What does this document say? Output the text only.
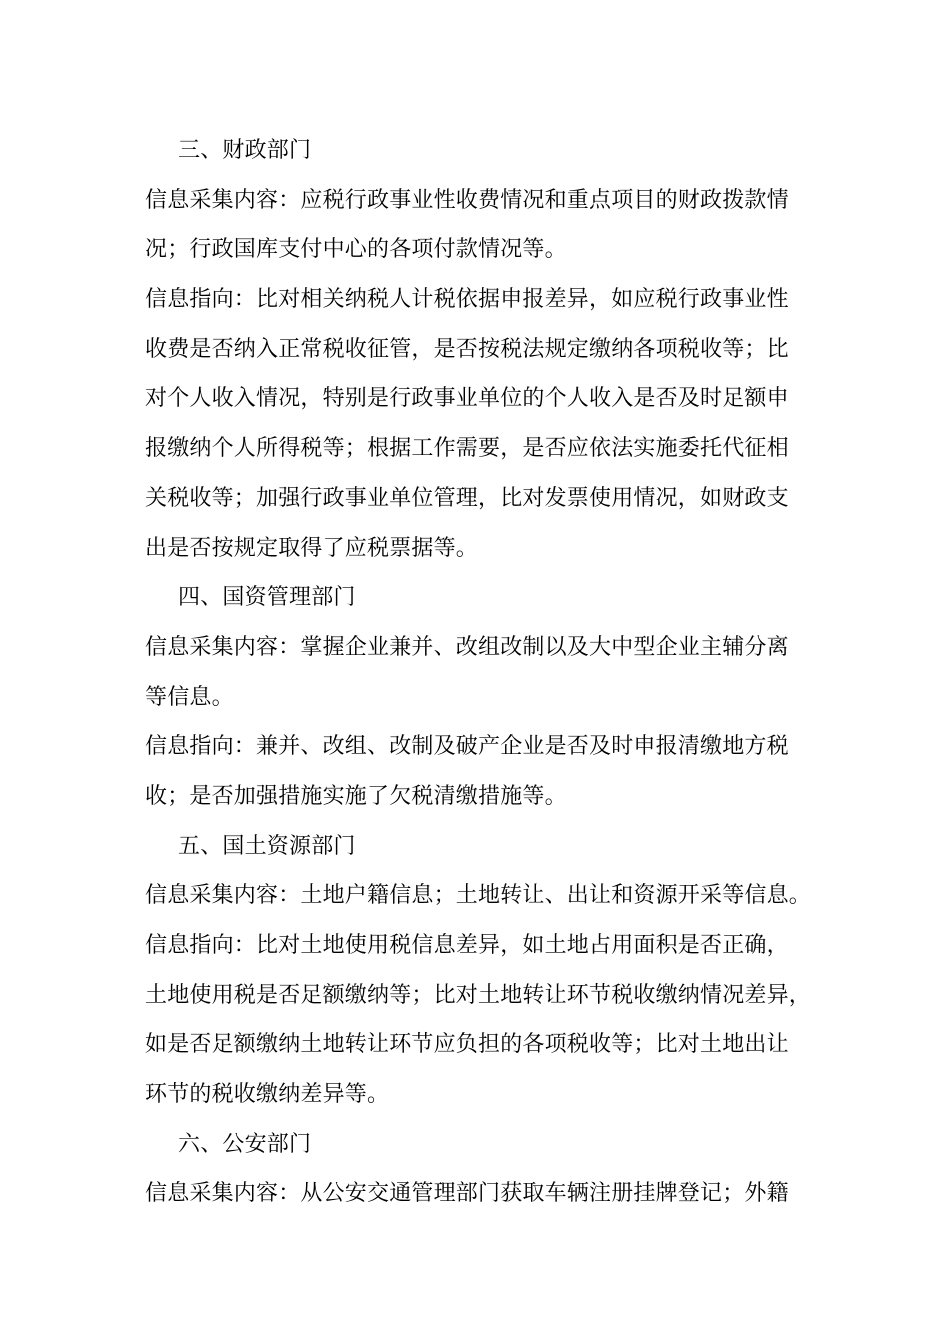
三、财政部门
信息采集内容：应税行政事业性收费情况和重点项目的财政拨款情
况；行政国库支付中心的各项付款情况等。
信息指向：比对相关纳税人计税依据申报差异，如应税行政事业性
收费是否纳入正常税收征管，是否按税法规定缴纳各项税收等；比
对个人收入情况，特别是行政事业单位的个人收入是否及时足额申
报缴纳个人所得税等；根据工作需要，是否应依法实施委托代征相
关税收等；加强行政事业单位管理，比对发票使用情况，如财政支
出是否按规定取得了应税票据等。
四、国资管理部门
信息采集内容：掌握企业兼并、改组改制以及大中型企业主辅分离
等信息。
信息指向：兼并、改组、改制及破产企业是否及时申报清缴地方税
收；是否加强措施实施了欠税清缴措施等。
五、国土资源部门
信息采集内容：土地户籍信息；土地转让、出让和资源开采等信息。
信息指向：比对土地使用税信息差异，如土地占用面积是否正确，
土地使用税是否足额缴纳等；比对土地转让环节税收缴纳情况差异，
如是否足额缴纳土地转让环节应负担的各项税收等；比对土地出让
环节的税收缴纳差异等。
六、公安部门
信息采集内容：从公安交通管理部门获取车辆注册挂牌登记；外籍
